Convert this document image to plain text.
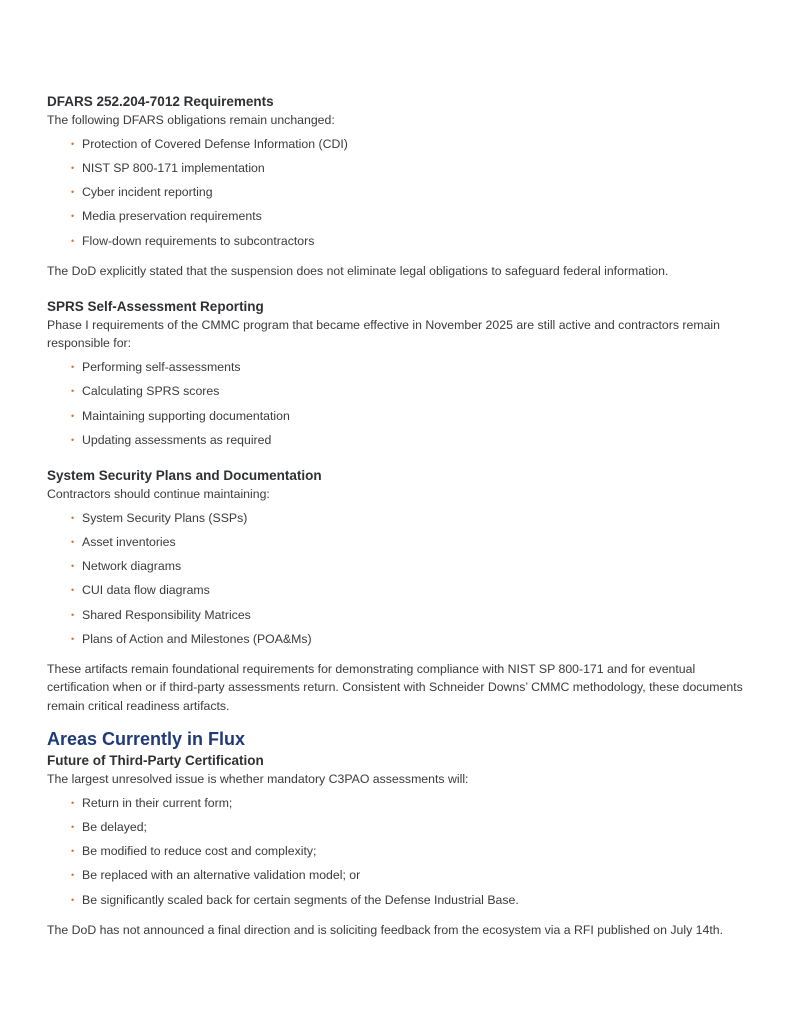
DFARS 252.204-7012 Requirements

The following DFARS obligations remain unchanged:

• Protection of Covered Defense Information (CDI)
• NIST SP 800-171 implementation
• Cyber incident reporting
• Media preservation requirements
• Flow-down requirements to subcontractors

The DoD explicitly stated that the suspension does not eliminate legal obligations to safeguard federal information.

SPRS Self-Assessment Reporting

Phase I requirements of the CMMC program that became effective in November 2025 are still active and contractors remain responsible for:

• Performing self-assessments
• Calculating SPRS scores
• Maintaining supporting documentation
• Updating assessments as required
System Security Plans and Documentation

Contractors should continue maintaining:

• System Security Plans (SSPs)
• Asset inventories
• Network diagrams
• CUI data flow diagrams
• Shared Responsibility Matrices
• Plans of Action and Milestones (POA&Ms)

These artifacts remain foundational requirements for demonstrating compliance with NIST SP 800-171 and for eventual certification when or if third-party assessments return. Consistent with Schneider Downs’ CMMC methodology, these documents remain critical readiness artifacts.

Areas Currently in Flux
Future of Third-Party Certification

The largest unresolved issue is whether mandatory C3PAO assessments will:

• Return in their current form;
• Be delayed;
• Be modified to reduce cost and complexity;
• Be replaced with an alternative validation model; or
• Be significantly scaled back for certain segments of the Defense Industrial Base.

The DoD has not announced a final direction and is soliciting feedback from the ecosystem via a RFI published on July 14th.
